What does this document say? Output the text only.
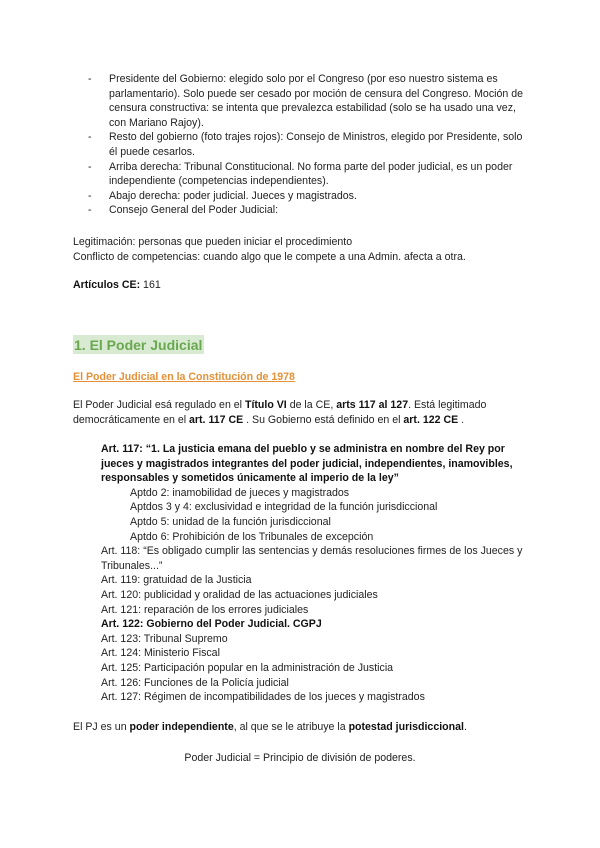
- Presidente del Gobierno: elegido solo por el Congreso (por eso nuestro sistema es parlamentario). Solo puede ser cesado por moción de censura del Congreso. Moción de censura constructiva: se intenta que prevalezca estabilidad (solo se ha usado una vez, con Mariano Rajoy).
- Resto del gobierno (foto trajes rojos): Consejo de Ministros, elegido por Presidente, solo él puede cesarlos.
- Arriba derecha: Tribunal Constitucional. No forma parte del poder judicial, es un poder independiente (competencias independientes).
- Abajo derecha: poder judicial. Jueces y magistrados.
- Consejo General del Poder Judicial:
Legitimación: personas que pueden iniciar el procedimiento
Conflicto de competencias: cuando algo que le compete a una Admin. afecta a otra.
Artículos CE: 161
1. El Poder Judicial
El Poder Judicial en la Constitución de 1978
El Poder Judicial esá regulado en el Título VI de la CE, arts 117 al 127. Está legitimado democráticamente en el art. 117 CE . Su Gobierno está definido en el art. 122 CE .

Art. 117: “1. La justicia emana del pueblo y se administra en nombre del Rey por jueces y magistrados integrantes del poder judicial, independientes, inamovibles, responsables y sometidos únicamente al imperio de la ley”

Aptdo 2: inamobilidad de jueces y magistrados

Aptdos 3 y 4: exclusividad e integridad de la función jurisdiccional

Aptdo 5: unidad de la función jurisdiccional

Aptdo 6: Prohibición de los Tribunales de excepción

Art. 118: “Es obligado cumplir las sentencias y demás resoluciones firmes de los Jueces y Tribunales...”

Art. 119: gratuidad de la Justicia

Art. 120: publicidad y oralidad de las actuaciones judiciales

Art. 121: reparación de los errores judiciales

Art. 122: Gobierno del Poder Judicial. CGPJ

Art. 123: Tribunal Supremo

Art. 124: Ministerio Fiscal

Art. 125: Participación popular en la administración de Justicia

Art. 126: Funciones de la Policía judicial

Art. 127: Régimen de incompatibilidades de los jueces y magistrados

El PJ es un poder independiente, al que se le atribuye la potestad jurisdiccional.
Poder Judicial = Principio de división de poderes.
